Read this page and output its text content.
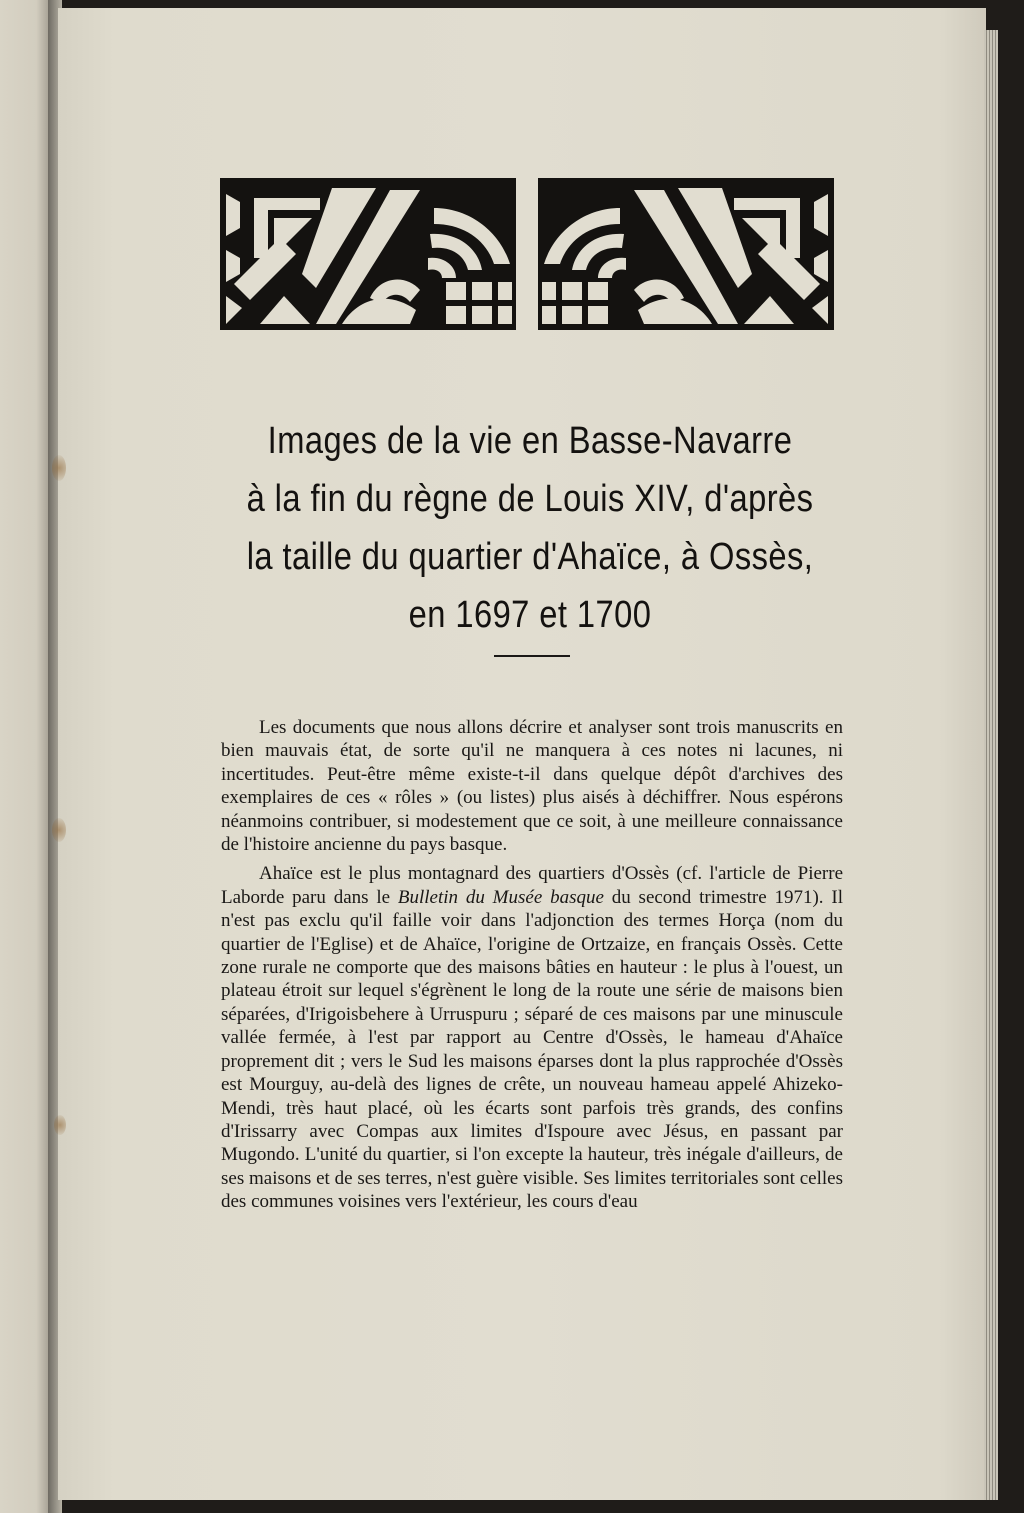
Images de la vie en Basse-Navarre
à la fin du règne de Louis XIV, d'après
la taille du quartier d'Ahaïce, à Ossès,
en 1697 et 1700

Les documents que nous allons décrire et analyser sont trois manuscrits en bien mauvais état, de sorte qu'il ne manquera à ces notes ni lacunes, ni incertitudes. Peut-être même existe-t-il dans quelque dépôt d'archives des exemplaires de ces « rôles » (ou listes) plus aisés à déchiffrer. Nous espérons néanmoins contribuer, si modestement que ce soit, à une meilleure connaissance de l'histoire ancienne du pays basque.

Ahaïce est le plus montagnard des quartiers d'Ossès (cf. l'article de Pierre Laborde paru dans le Bulletin du Musée basque du second trimestre 1971). Il n'est pas exclu qu'il faille voir dans l'adjonction des termes Horça (nom du quartier de l'Eglise) et de Ahaïce, l'origine de Ortzaize, en français Ossès. Cette zone rurale ne comporte que des maisons bâties en hauteur : le plus à l'ouest, un plateau étroit sur lequel s'égrènent le long de la route une série de maisons bien séparées, d'Irigoisbehere à Urruspuru ; séparé de ces maisons par une minuscule vallée fermée, à l'est par rapport au Centre d'Ossès, le hameau d'Ahaïce proprement dit ; vers le Sud les maisons éparses dont la plus rapprochée d'Ossès est Mourguy, au-delà des lignes de crête, un nouveau hameau appelé Ahizeko-Mendi, très haut placé, où les écarts sont parfois très grands, des confins d'Irissarry avec Compas aux limites d'Ispoure avec Jésus, en passant par Mugondo. L'unité du quartier, si l'on excepte la hauteur, très inégale d'ailleurs, de ses maisons et de ses terres, n'est guère visible. Ses limites territoriales sont celles des communes voisines vers l'extérieur, les cours d'eau
